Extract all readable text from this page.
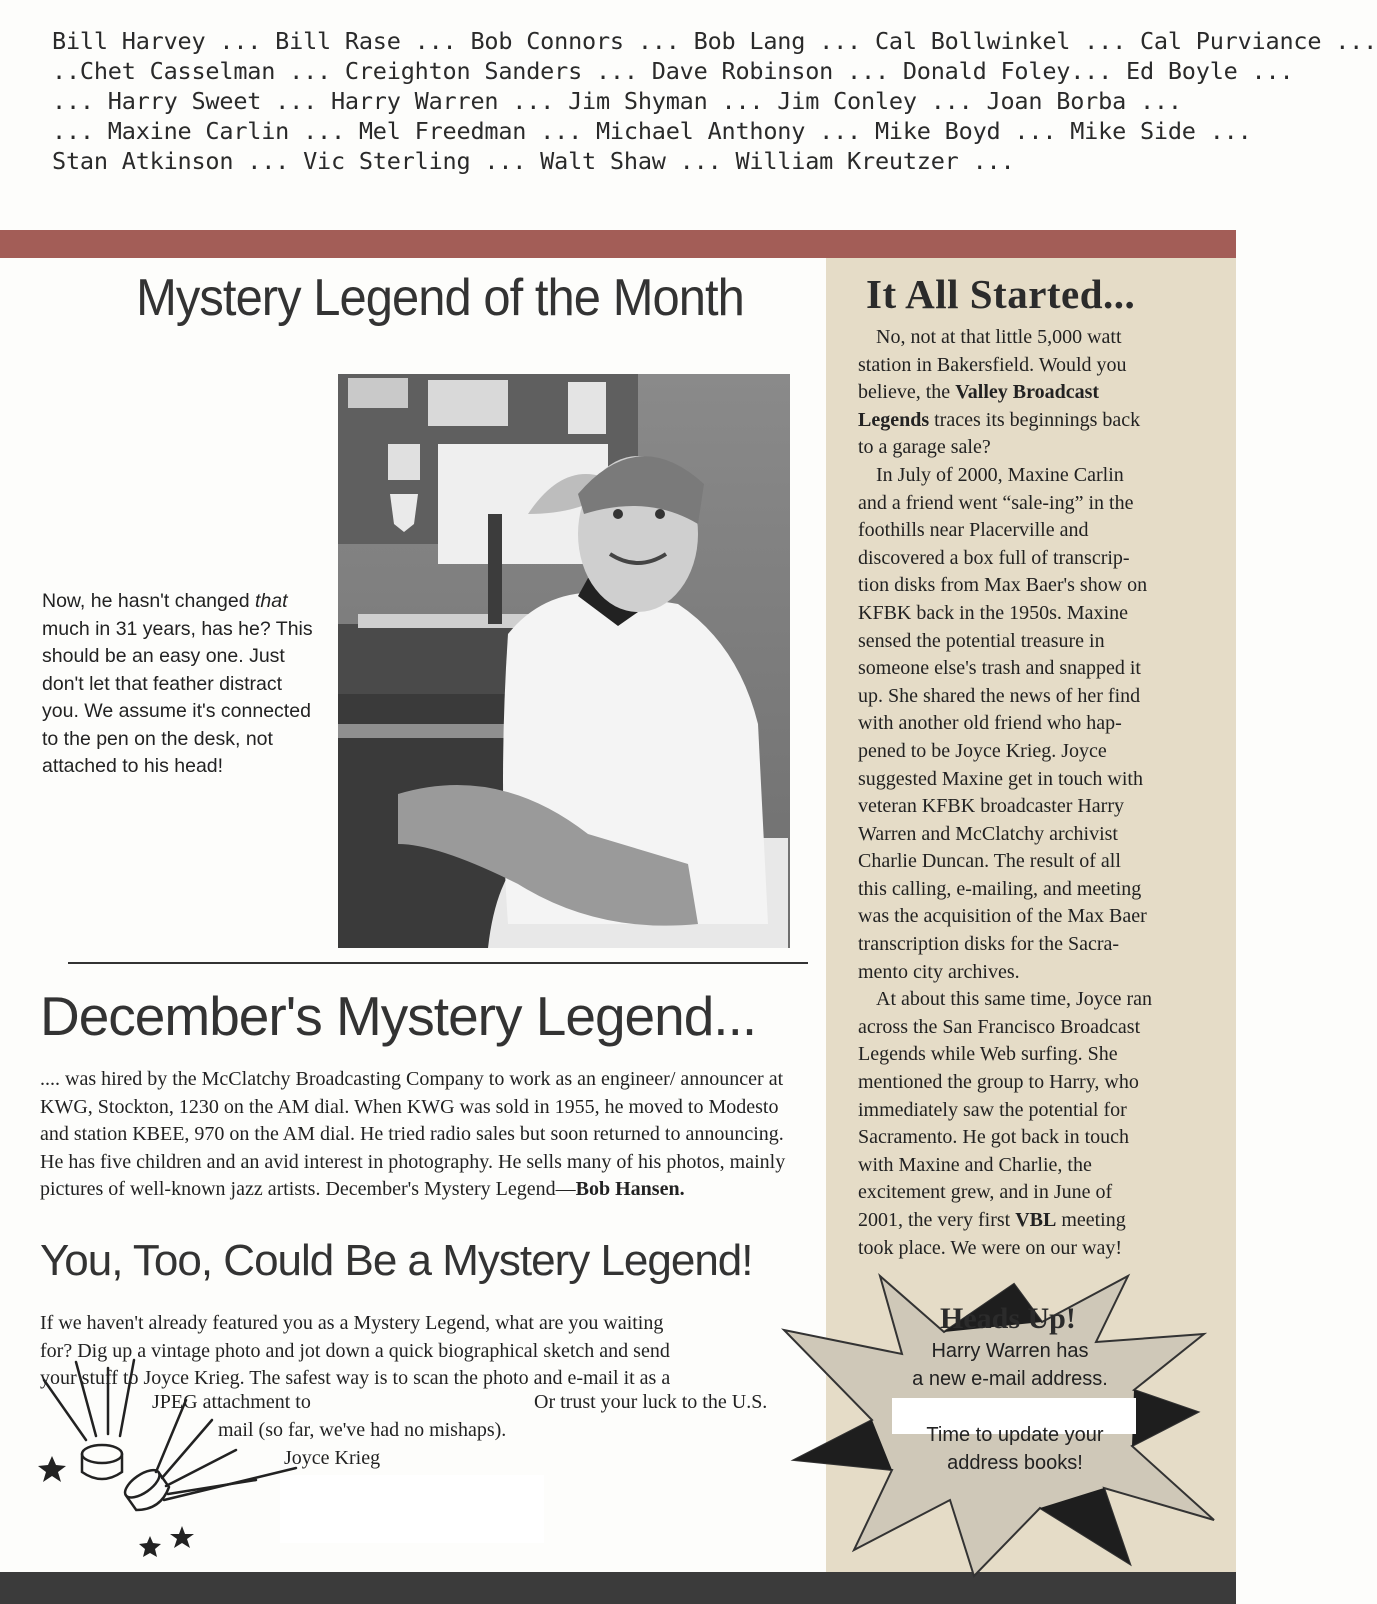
Bill Harvey ... Bill Rase ... Bob Connors ... Bob Lang ... Cal Bollwinkel ... Cal Purviance ...
..Chet Casselman ... Creighton Sanders ... Dave Robinson ... Donald Foley... Ed Boyle ...
... Harry Sweet ... Harry Warren ... Jim Shyman ... Jim Conley ... Joan Borba ...
... Maxine Carlin ... Mel Freedman ... Michael Anthony ... Mike Boyd ... Mike Side ...
Stan Atkinson ... Vic Sterling ... Walt Shaw ... William Kreutzer ...
Mystery Legend of the Month
Now, he hasn't changed that much in 31 years, has he? This should be an easy one. Just don't let that feather distract you. We assume it's connected to the pen on the desk, not attached to his head!
December's Mystery Legend...
.... was hired by the McClatchy Broadcasting Company to work as an engineer/ announcer at KWG, Stockton, 1230 on the AM dial. When KWG was sold in 1955, he moved to Modesto and station KBEE, 970 on the AM dial. He tried radio sales but soon returned to announcing. He has five children and an avid interest in photography. He sells many of his photos, mainly pictures of well-known jazz artists. December's Mystery Legend—Bob Hansen.
You, Too, Could Be a Mystery Legend!
If we haven't already featured you as a Mystery Legend, what are you waiting
for? Dig up a vintage photo and jot down a quick biographical sketch and send
your stuff to Joyce Krieg. The safest way is to scan the photo and e-mail it as a
JPEG attachment to	Or trust your luck to the U.S.
mail (so far, we've had no mishaps).
Joyce Krieg
It All Started...
No, not at that little 5,000 watt
station in Bakersfield. Would you
believe, the Valley Broadcast
Legends traces its beginnings back
to a garage sale?
In July of 2000, Maxine Carlin
and a friend went “sale-ing” in the
foothills near Placerville and
discovered a box full of transcrip-
tion disks from Max Baer's show on
KFBK back in the 1950s. Maxine
sensed the potential treasure in
someone else's trash and snapped it
up. She shared the news of her find
with another old friend who hap-
pened to be Joyce Krieg. Joyce
suggested Maxine get in touch with
veteran KFBK broadcaster Harry
Warren and McClatchy archivist
Charlie Duncan. The result of all
this calling, e-mailing, and meeting
was the acquisition of the Max Baer
transcription disks for the Sacra-
mento city archives.
At about this same time, Joyce ran
across the San Francisco Broadcast
Legends while Web surfing. She
mentioned the group to Harry, who
immediately saw the potential for
Sacramento. He got back in touch
with Maxine and Charlie, the
excitement grew, and in June of
2001, the very first VBL meeting
took place. We were on our way!
Heads Up!
Harry Warren has
a new e-mail address.
Time to update your
address books!
